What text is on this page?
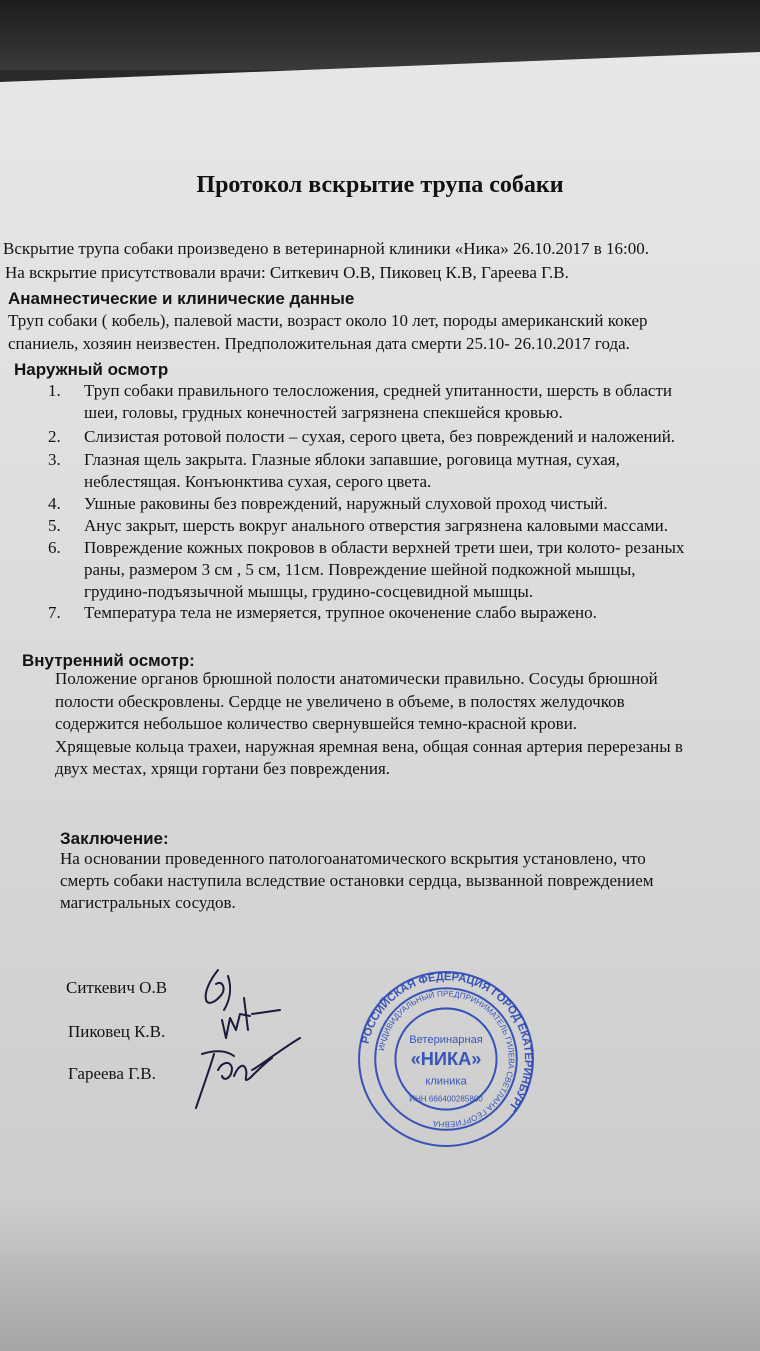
Протокол вскрытие трупа собаки
Вскрытие трупа собаки произведено в ветеринарной клиники «Ника» 26.10.2017 в 16:00.
На вскрытие присутствовали врачи: Ситкевич О.В, Пиковец К.В, Гареева Г.В.
Анамнестические и клинические данные
Труп собаки ( кобель), палевой масти, возраст около 10 лет, породы американский кокер
спаниель, хозяин неизвестен. Предположительная дата смерти 25.10- 26.10.2017 года.
Наружный осмотр
1.	Труп собаки правильного телосложения, средней упитанности, шерсть в области
шеи, головы, грудных конечностей загрязнена спекшейся кровью.
2.	Слизистая ротовой полости – сухая, серого цвета, без повреждений и наложений.
3.	Глазная щель закрыта. Глазные яблоки запавшие, роговица мутная, сухая,
неблестящая. Конъюнктива сухая, серого цвета.
4.	Ушные раковины без повреждений, наружный слуховой проход чистый.
5.	Анус закрыт, шерсть вокруг анального отверстия загрязнена каловыми массами.
6.	Повреждение кожных покровов в области верхней трети шеи, три колото- резаных
раны, размером 3 см , 5 см, 11см. Повреждение шейной подкожной мышцы,
грудино-подъязычной мышцы, грудино-сосцевидной мышцы.
7.	Температура тела не измеряется, трупное окоченение слабо выражено.
Внутренний осмотр:
Положение органов брюшной полости анатомически правильно. Сосуды брюшной
полости обескровлены. Сердце не увеличено в объеме, в полостях желудочков
содержится небольшое количество свернувшейся темно-красной крови.
Хрящевые кольца трахеи, наружная яремная вена, общая сонная артерия перерезаны в
двух местах, хрящи гортани без повреждения.
Заключение:
На основании проведенного патологоанатомического вскрытия установлено, что
смерть собаки наступила вследствие остановки сердца, вызванной повреждением
магистральных сосудов.
Ситкевич О.В
Пиковец К.В.
Гареева Г.В.
РОССИЙСКАЯ ФЕДЕРАЦИЯ ГОРОД ЕКАТЕРИНБУРГ
ИНДИВИДУАЛЬНЫЙ ПРЕДПРИНИМАТЕЛЬ ГИЛЕВА СВЕТЛАНА ГЕОРГИЕВНА
Ветеринарная
«НИКА»
клиника
ИНН 666400285800
